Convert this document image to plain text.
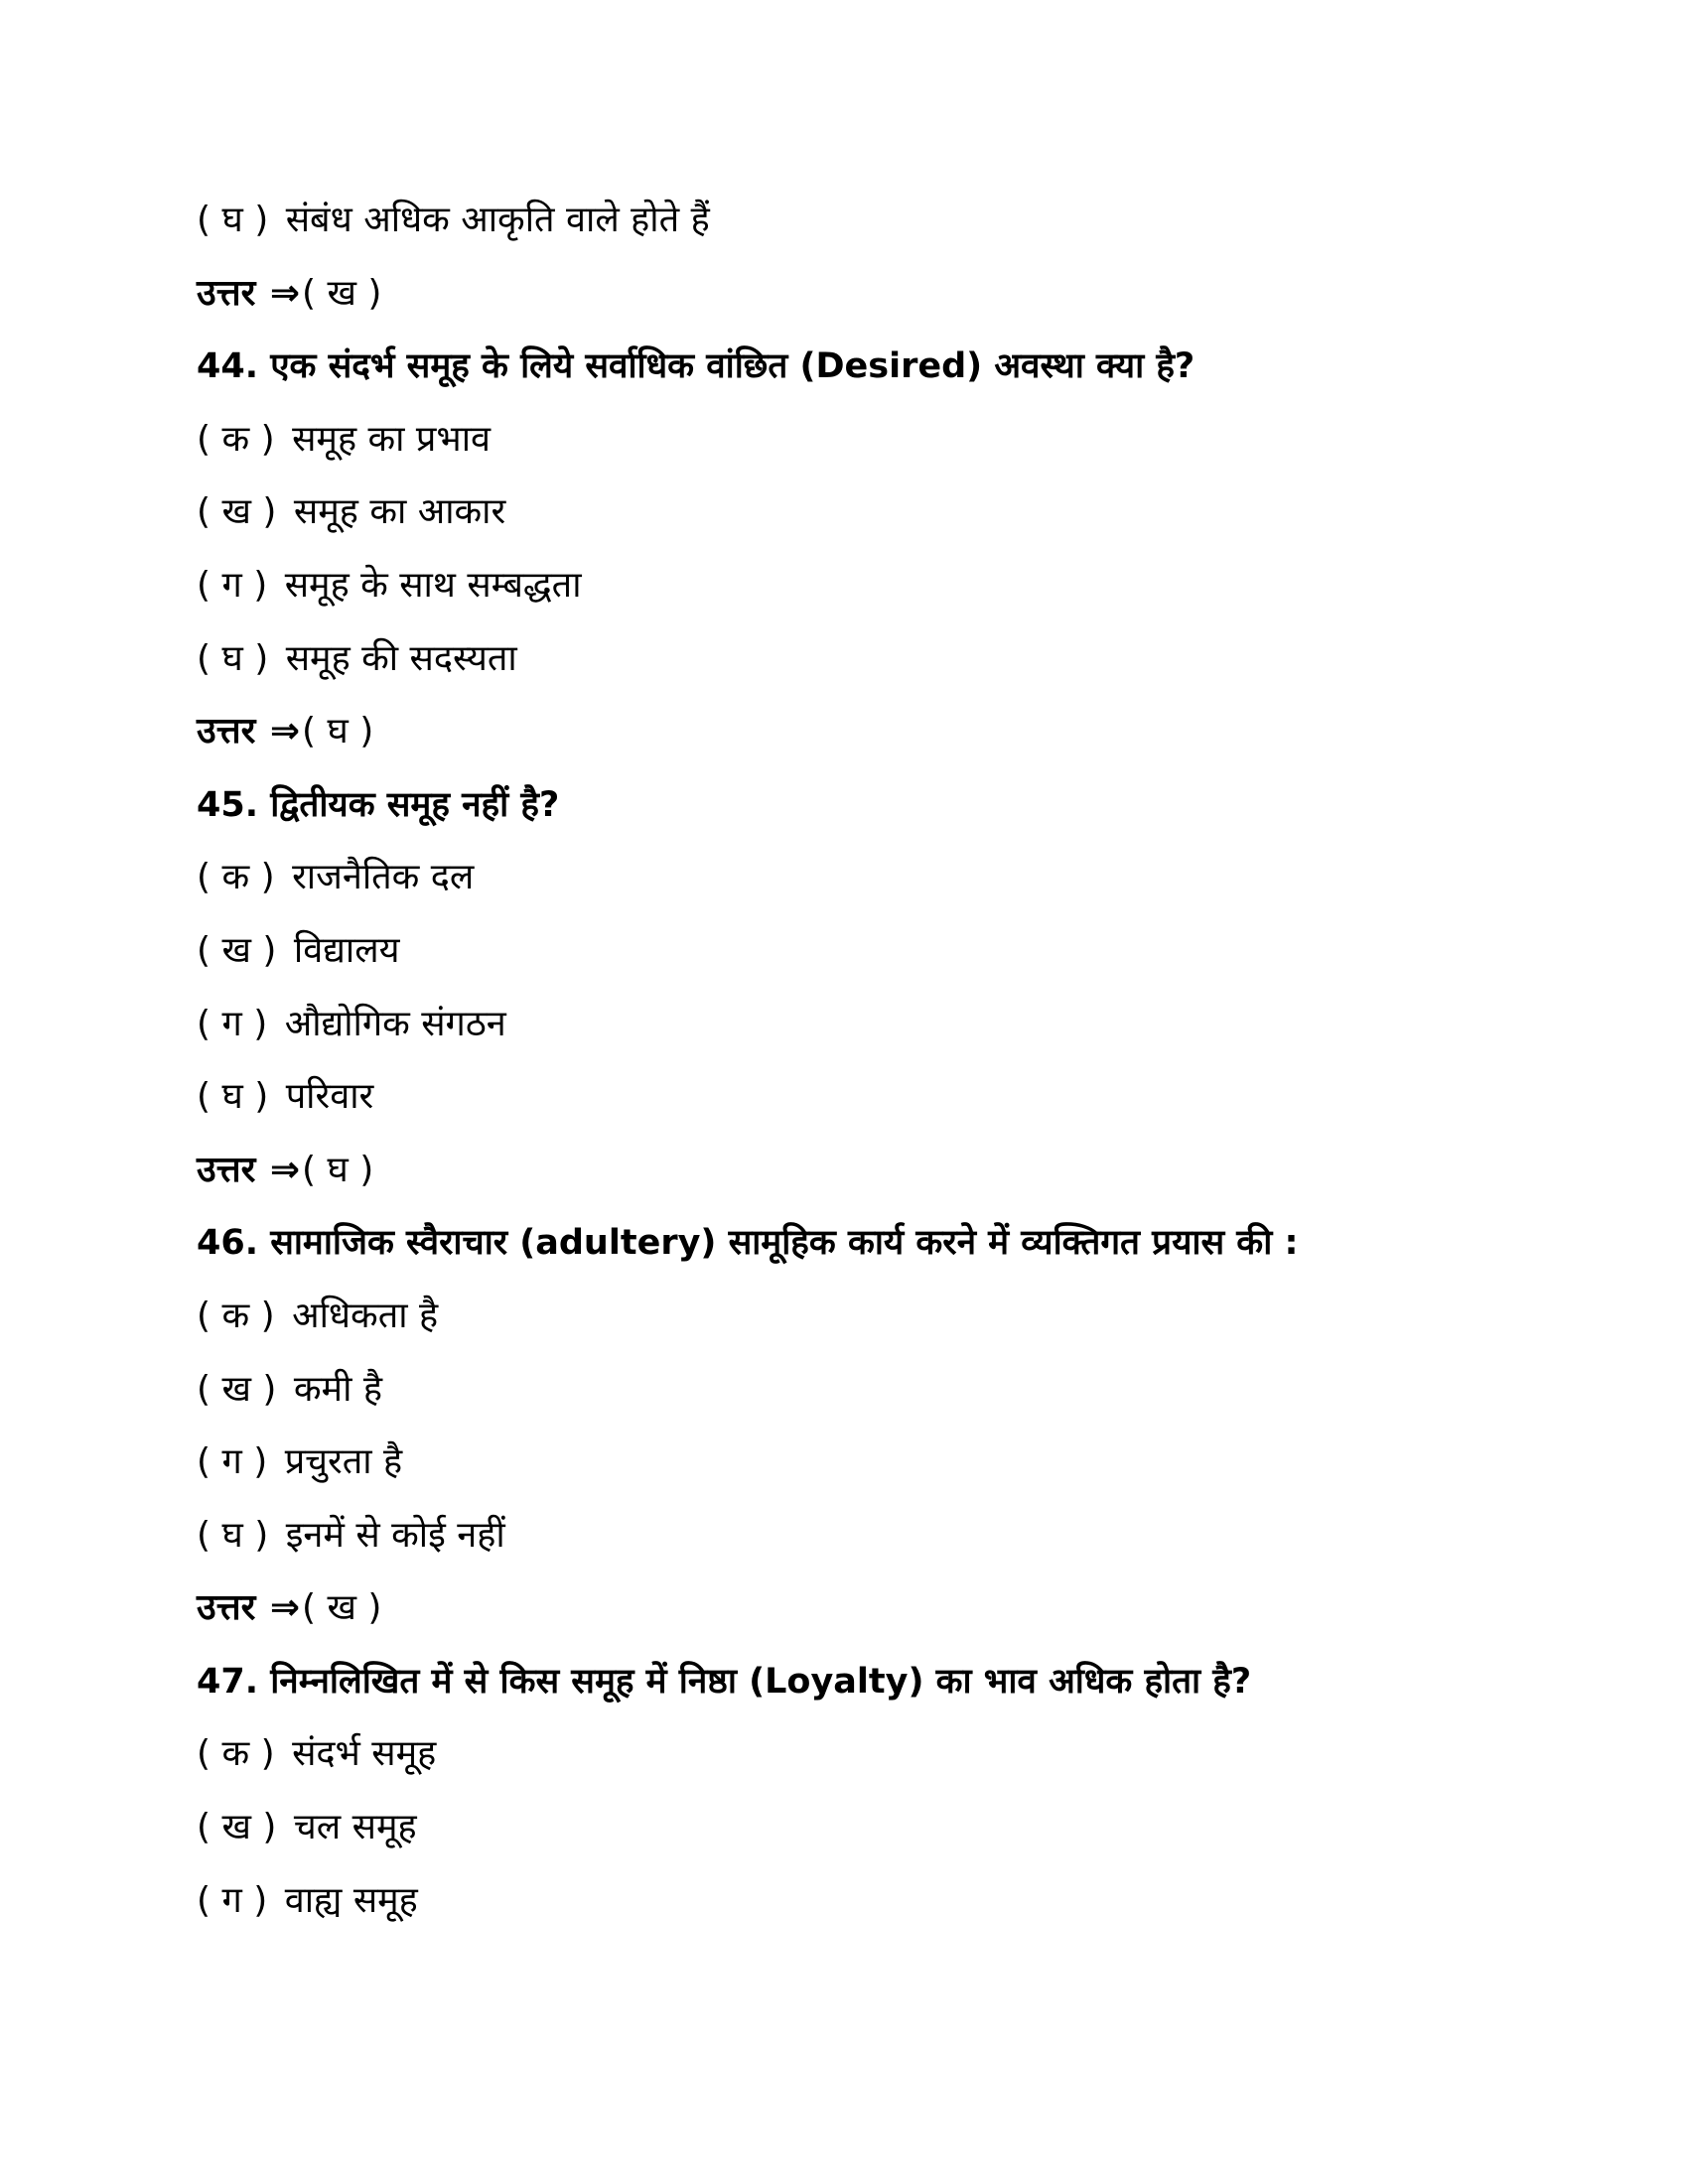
( घ ) संबंध अधिक आकृति वाले होते हैं
उत्तर ⇒( ख )
44. एक संदर्भ समूह के लिये सर्वाधिक वांछित (Desired) अवस्था क्या है?
( क ) समूह का प्रभाव
( ख ) समूह का आकार
( ग ) समूह के साथ सम्बद्धता
( घ ) समूह की सदस्यता
उत्तर ⇒( घ )
45. द्वितीयक समूह नहीं है?
( क ) राजनैतिक दल
( ख ) विद्यालय
( ग ) औद्योगिक संगठन
( घ ) परिवार
उत्तर ⇒( घ )
46. सामाजिक स्वैराचार (adultery) सामूहिक कार्य करने में व्यक्तिगत प्रयास की :
( क ) अधिकता है
( ख ) कमी है
( ग ) प्रचुरता है
( घ ) इनमें से कोई नहीं
उत्तर ⇒( ख )
47. निम्नलिखित में से किस समूह में निष्ठा (Loyalty) का भाव अधिक होता है?
( क ) संदर्भ समूह
( ख ) चल समूह
( ग ) वाह्य समूह
